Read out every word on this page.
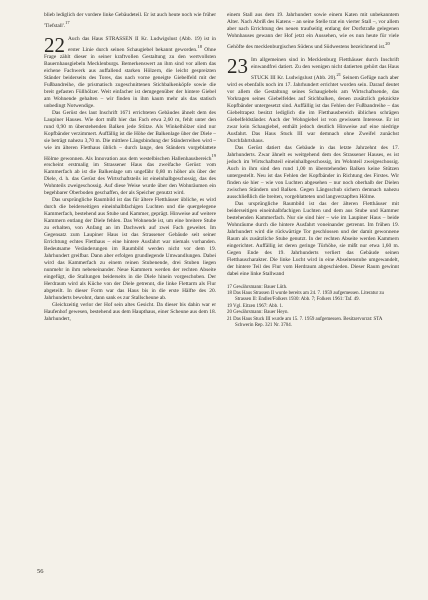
blieb lediglich der vordere linke Gebäudeteil. Er ist auch heute noch wie früher 'Tiefstall'.$^{17}$

22 Auch das Haus STRASSEN II Kr. Ludwigslust (Abb. 19) ist in erster Linie durch seinen Schaugiebel bekannt geworden.$^{18}$ Ohne Frage zählt dieser in seiner kraftvollen Gestaltung zu den wertvollsten Bauernhausgiebeln Mecklenburgs. Bemerkenswert an ihm sind vor allem das eichene Fachwerk aus auffallend starken Hölzern, die leicht gespreizten Ständer beiderseits des Tores, das nach vorne geneigte Giebelfeld mit der Fußbandreihe, die prismatisch zugeschnittenen Stichbalkenköpfe sowie die breit gefasten Füllhölzer. Weit einfacher ist demgegenüber der hintere Giebel am Wohnende gehalten – wir finden in ihm kaum mehr als das statisch unbedingt Notwendige.

Das Gerüst des laut Inschrift 1671 errichteten Gebäudes ähnelt dem des Laupiner Hauses. Wie dort mißt hier das Fach etwa 2,60 m, fehlt unter den rund 0,90 m überstehenden Balken jede Stütze. Als Winkelhölzer sind nur Kopfbänder verzimmert. Auffällig ist die Höhe der Balkenlage über der Diele – sie beträgt nahezu 3,70 m. Die mittlere Längsbindung der Ständerreihen wird – wie im älteren Fletthaus üblich – durch lange, den Ständern vorgeblattete Hölme gewonnen. Als Innovation aus dem westelbischen Hallenhausbereich$^{19}$ erscheint erstmalig im Strassener Haus das zweifache Gerüst: vom Kammerfach ab ist die Balkenlage um ungefähr 0,80 m höher als über der Diele, d. h. das Gerüst des Wirtschaftsteils ist eineinhalbgeschossig, das des Wohnteils zweigeschossig. Auf diese Weise wurde über den Wohnräumen ein begehbarer Oberboden geschaffen, der als Speicher genutzt wird.

Das ursprüngliche Raumbild ist das für ältere Fletthäuser übliche, es wird durch die beiderseitigen eineinhalbfachigen Luchten und die quergelegene Kammerfach, bestehend aus Stube und Kammer, geprägt. Hinweise auf weitere Kammern entlang der Diele fehlen. Das Wohnende ist, um eine breitere Stube zu erhalten, von Anfang an im Dachwerk auf zwei Fach geweitet. Im Gegensatz zum Laupiner Haus ist das Strassener Gebäude seit seiner Errichtung echtes Fletthaus – eine hintere Ausfahrt war niemals vorhanden. Bedeutsame Veränderungen im Raumbild werden nicht vor dem 19. Jahrhundert greifbar. Dann aber erfolgen grundlegende Umwandlungen. Dabei wird das Kammerfach zu einem reinen Stubenende, drei Stuben liegen nunmehr in ihm nebeneinander. Neue Kammern werden der rechten Abseite eingefügt, die Stallungen beiderseits in die Diele hinein vorgeschoben. Der Herdraum wird als Küche von der Diele getrennt, die linke Flettarm als Flur abgeteilt. In dieser Form war das Haus bis in die erste Hälfte des 20. Jahrhunderts bewohnt, dann sank es zur Stallscheune ab.

Gleichzeitig verlor der Hof sein altes Gesicht. Da dieser bis dahin war er Haufenhof gewesen, bestehend aus dem Haupthaus, einer Scheune aus dem 18. Jahrhundert,

einem Stall aus dem 19. Jahrhundert sowie einem Katen mit unbekanntem Alter. Nach Abriß des Katens – an seine Stelle trat ein vierter Stall –, vor allem aber nach Errichtung des neuen traufseitig entlang der Dorfstraße gelegenen Wohnhauses gewann der Hof jetzt ein Aussehen, wie es nun heute für viele Gehöfte des mecklenburgischen Südens und Südwestens bezeichnend ist.$^{20}$

23 Im allgemeinen sind in Mecklenburg Fletthäuser durch Inschrift einwandfrei datiert. Zu den wenigen nicht datierten gehört das Haus STUCK III Kr. Ludwigslust (Abb. 20).$^{21}$ Seinem Gefüge nach aber wird es ebenfalls noch im 17. Jahrhundert errichtet worden sein. Darauf deutet vor allem die Gestaltung seines Schaugiebels am Wirtschaftsende, das Vorkragen seines Giebelfeldes auf Stichbalken, denen zusätzlich geknickte Kopfbänder untergesetzt sind. Auffällig ist das Fehlen der Fußbandreihe – das Giebeltrapez besitzt lediglich die im Fletthausbereich üblichen schrägen Giebelfeldständer. Auch der Wohngiebel ist von gewissem Interesse. Er ist zwar kein Schaugiebel, enthält jedoch deutlich Hinweise auf eine niedrige Ausfahrt. Das Haus Stuck III war demnach ohne Zweifel zunächst Durchfahrtshaus.

Das Gerüst datiert das Gebäude in das letzte Jahrzehnt des 17. Jahrhunderts. Zwar ähnelt es weitgehend dem des Strassener Hauses, es ist jedoch im Wirtschaftsteil eineinhalbgeschossig, im Wohnteil zweigeschossig. Auch in ihm sind den rund 1,00 m überstehenden Balken keine Stützen untergestellt. Neu ist das Fehlen der Kopfbänder in Richtung des Firstes. Wir finden sie hier – wie von Luchten abgesehen – nur noch oberhalb der Dielen zwischen Ständern und Balken. Gegen Längsschub sichern demnach nahezu ausschließlich die breiten, vorgeblatteten und langverzapften Hölme.

Das ursprüngliche Raumbild ist das der älteren Fletthäuser mit beiderseitigen eineinhalbfachigen Luchten und dem aus Stube und Kammer bestehenden Kammerfach. Nur sie sind hier – wie im Laupiner Haus – beide Wohnräume durch die hintere Ausfahrt voneinander getrennt. Im frühen 19. Jahrhundert wird die rückwärtige Tor geschlossen und der damit gewonnene Raum als zusätzliche Stube genutzt. In der rechten Abseite werden Kammern eingerichtet. Auffällig ist deren geringe Türhöhe, sie mißt nur etwa 1,60 m. Gegen Ende des 19. Jahrhunderts verliert das Gebäude seinen Fletthauscharakter. Die linke Lucht wird in eine Abseitenstube umgewandelt, der hintere Teil des Flur vom Herdraum abgeschieden. Dieser Raum gewinnt dabei eine linke Stallwand

17 Gewährsmann: Bauer Lüth.
18 Das Haus Strassen II wurde bereits am 24. 7. 1959 aufgemessen. Literatur zu Strassen II: Endler/Folkers 1930: Abb. 7; Folkers 1961: Taf. 49.
19 Vgl. Eitzen 1967: Abb. 1.
20 Gewährsmann: Bauer Heyn.
21 Das Haus Stuck III wurde am 15. 7. 1959 aufgemessen. Besitzervorrat: STA Schwerin Rep. 321 Nr. 3704.
56
